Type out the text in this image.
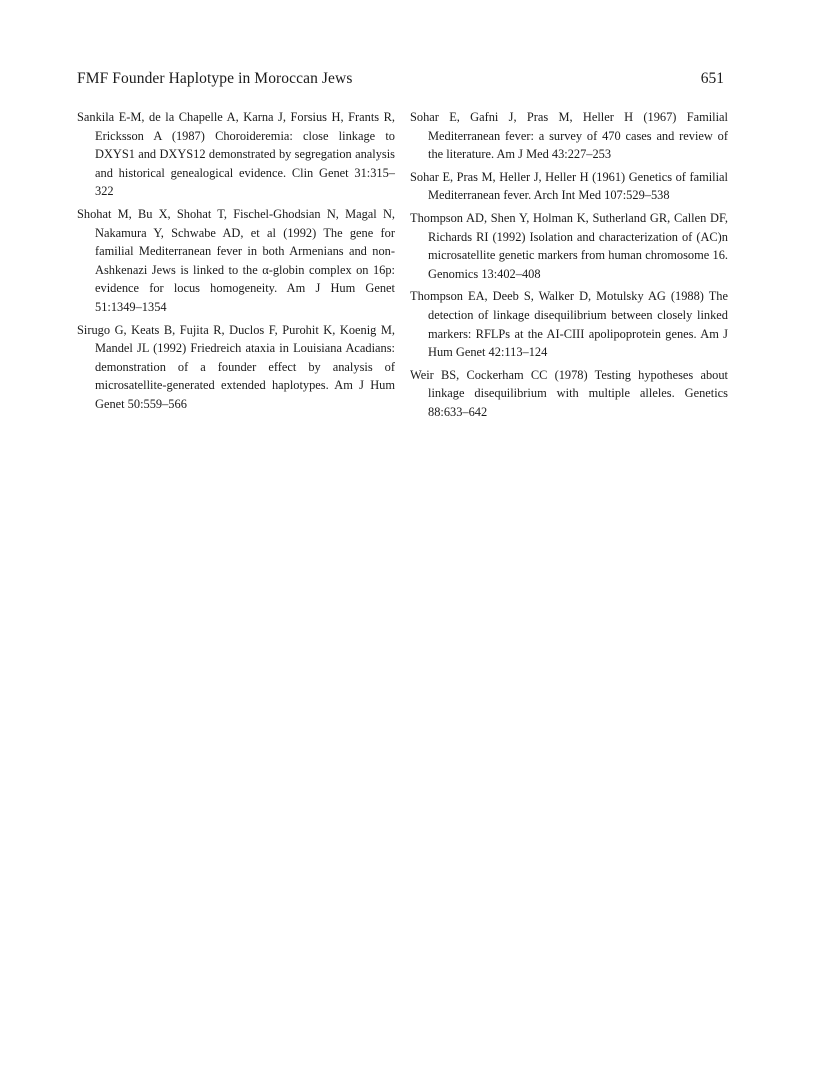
FMF Founder Haplotype in Moroccan Jews	651

Sankila E-M, de la Chapelle A, Karna J, Forsius H, Frants R, Ericksson A (1987) Choroideremia: close linkage to DXYS1 and DXYS12 demonstrated by segregation analysis and historical genealogical evidence. Clin Genet 31:315–322

Shohat M, Bu X, Shohat T, Fischel-Ghodsian N, Magal N, Nakamura Y, Schwabe AD, et al (1992) The gene for familial Mediterranean fever in both Armenians and non-Ashkenazi Jews is linked to the α-globin complex on 16p: evidence for locus homogeneity. Am J Hum Genet 51:1349–1354

Sirugo G, Keats B, Fujita R, Duclos F, Purohit K, Koenig M, Mandel JL (1992) Friedreich ataxia in Louisiana Acadians: demonstration of a founder effect by analysis of microsatellite-generated extended haplotypes. Am J Hum Genet 50:559–566

Sohar E, Gafni J, Pras M, Heller H (1967) Familial Mediterranean fever: a survey of 470 cases and review of the literature. Am J Med 43:227–253

Sohar E, Pras M, Heller J, Heller H (1961) Genetics of familial Mediterranean fever. Arch Int Med 107:529–538

Thompson AD, Shen Y, Holman K, Sutherland GR, Callen DF, Richards RI (1992) Isolation and characterization of (AC)n microsatellite genetic markers from human chromosome 16. Genomics 13:402–408

Thompson EA, Deeb S, Walker D, Motulsky AG (1988) The detection of linkage disequilibrium between closely linked markers: RFLPs at the AI-CIII apolipoprotein genes. Am J Hum Genet 42:113–124

Weir BS, Cockerham CC (1978) Testing hypotheses about linkage disequilibrium with multiple alleles. Genetics 88:633–642
